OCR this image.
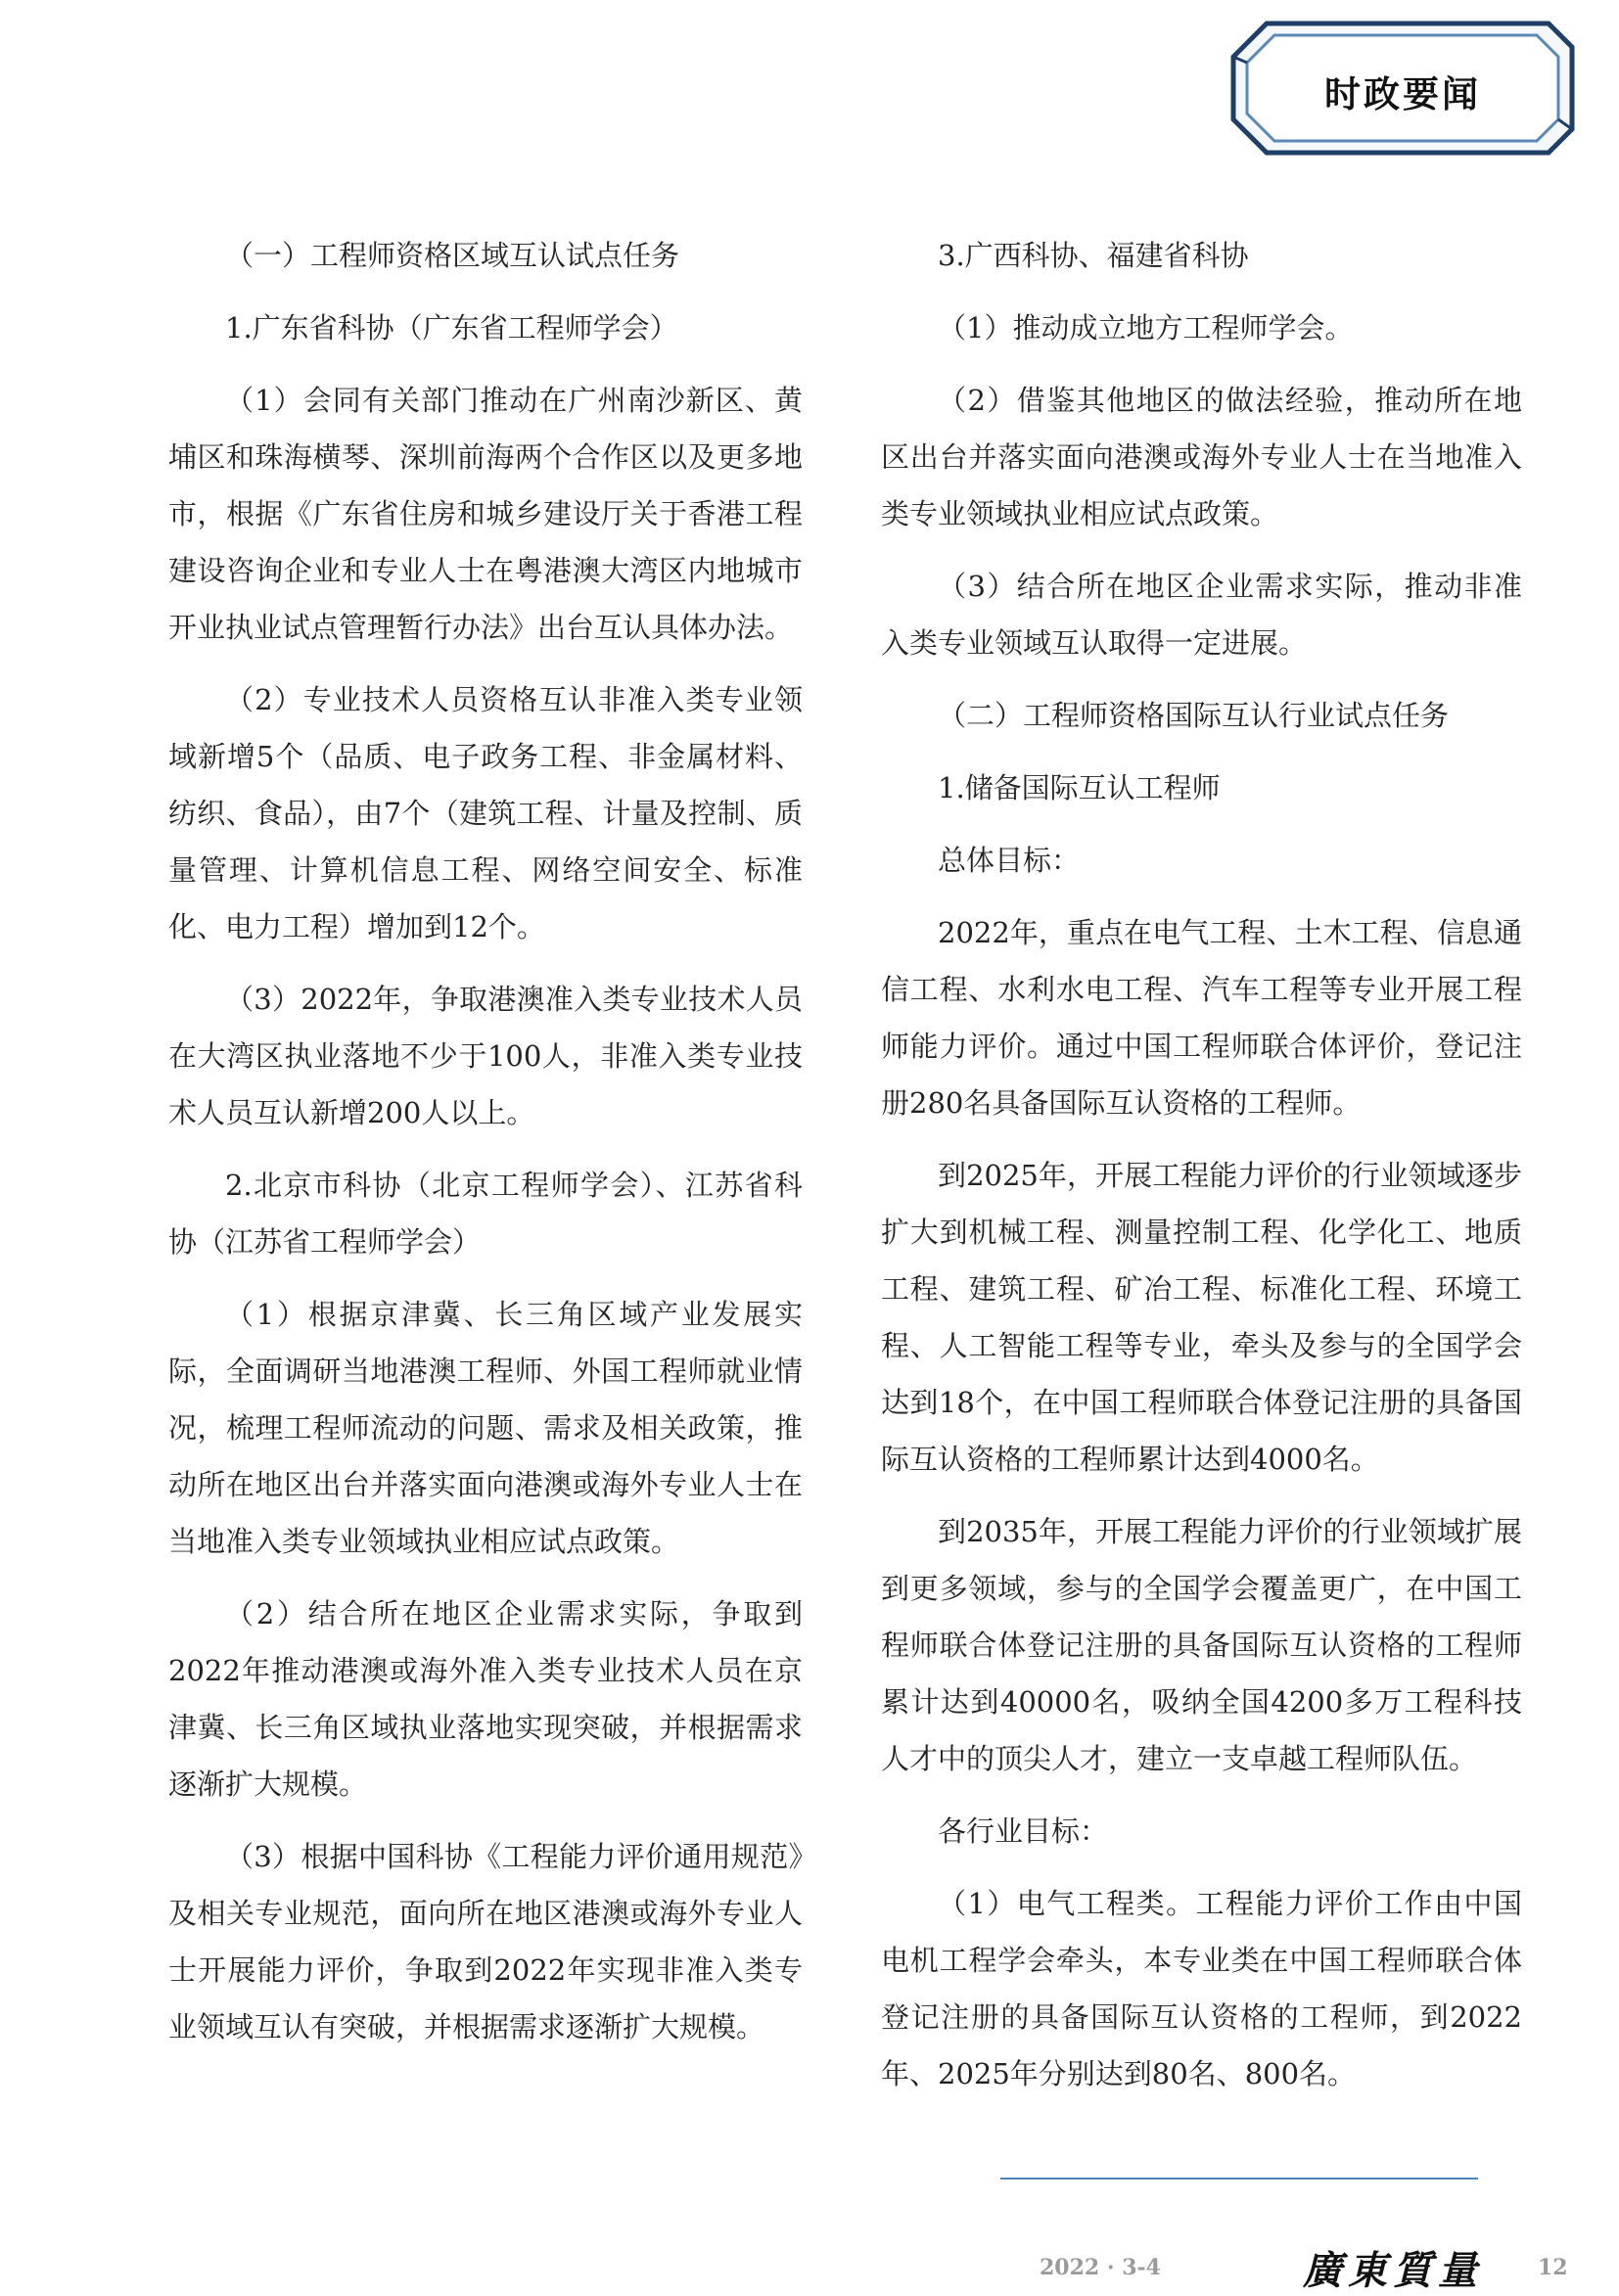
时政要闻

（一）工程师资格区域互认试点任务

1.广东省科协（广东省工程师学会）

（1）会同有关部门推动在广州南沙新区、黄埔区和珠海横琴、深圳前海两个合作区以及更多地市，根据《广东省住房和城乡建设厅关于香港工程建设咨询企业和专业人士在粤港澳大湾区内地城市开业执业试点管理暂行办法》出台互认具体办法。

（2）专业技术人员资格互认非准入类专业领域新增5个（品质、电子政务工程、非金属材料、纺织、食品），由7个（建筑工程、计量及控制、质量管理、计算机信息工程、网络空间安全、标准化、电力工程）增加到12个。

（3）2022年，争取港澳准入类专业技术人员在大湾区执业落地不少于100人，非准入类专业技术人员互认新增200人以上。

2.北京市科协（北京工程师学会）、江苏省科协（江苏省工程师学会）

（1）根据京津冀、长三角区域产业发展实际，全面调研当地港澳工程师、外国工程师就业情况，梳理工程师流动的问题、需求及相关政策，推动所在地区出台并落实面向港澳或海外专业人士在当地准入类专业领域执业相应试点政策。

（2）结合所在地区企业需求实际，争取到2022年推动港澳或海外准入类专业技术人员在京津冀、长三角区域执业落地实现突破，并根据需求逐渐扩大规模。

（3）根据中国科协《工程能力评价通用规范》及相关专业规范，面向所在地区港澳或海外专业人士开展能力评价，争取到2022年实现非准入类专业领域互认有突破，并根据需求逐渐扩大规模。

3.广西科协、福建省科协

（1）推动成立地方工程师学会。

（2）借鉴其他地区的做法经验，推动所在地区出台并落实面向港澳或海外专业人士在当地准入类专业领域执业相应试点政策。

（3）结合所在地区企业需求实际，推动非准入类专业领域互认取得一定进展。

（二）工程师资格国际互认行业试点任务

1.储备国际互认工程师

总体目标：

2022年，重点在电气工程、土木工程、信息通信工程、水利水电工程、汽车工程等专业开展工程师能力评价。通过中国工程师联合体评价，登记注册280名具备国际互认资格的工程师。

到2025年，开展工程能力评价的行业领域逐步扩大到机械工程、测量控制工程、化学化工、地质工程、建筑工程、矿冶工程、标准化工程、环境工程、人工智能工程等专业，牵头及参与的全国学会达到18个，在中国工程师联合体登记注册的具备国际互认资格的工程师累计达到4000名。

到2035年，开展工程能力评价的行业领域扩展到更多领域，参与的全国学会覆盖更广，在中国工程师联合体登记注册的具备国际互认资格的工程师累计达到40000名，吸纳全国4200多万工程科技人才中的顶尖人才，建立一支卓越工程师队伍。

各行业目标：

（1）电气工程类。工程能力评价工作由中国电机工程学会牵头，本专业类在中国工程师联合体登记注册的具备国际互认资格的工程师，到2022年、2025年分别达到80名、800名。

2022 · 3-4	廣東質量	12
